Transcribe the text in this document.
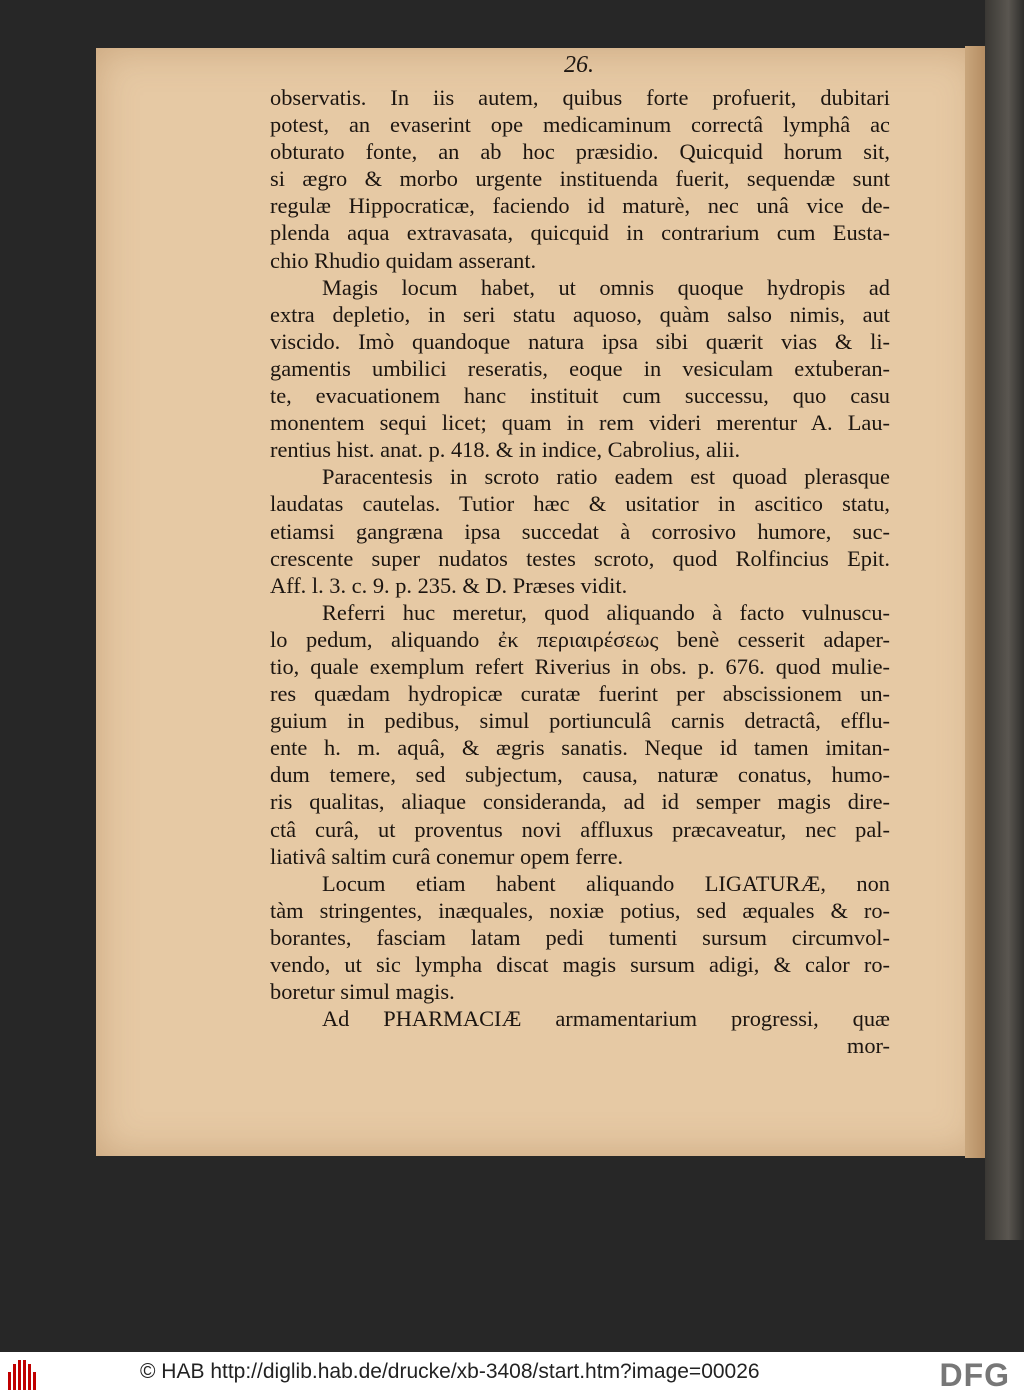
26.
observatis. In iis autem, quibus forte profuerit, dubitari
potest, an evaserint ope medicaminum correctâ lymphâ ac
obturato fonte, an ab hoc præsidio. Quicquid horum sit,
si ægro & morbo urgente instituenda fuerit, sequendæ sunt
regulæ Hippocraticæ, faciendo id maturè, nec unâ vice de-
plenda aqua extravasata, quicquid in contrarium cum Eusta-
chio Rhudio quidam asserant.
Magis locum habet, ut omnis quoque hydropis ad
extra depletio, in seri statu aquoso, quàm salso nimis, aut
viscido. Imò quandoque natura ipsa sibi quærit vias & li-
gamentis umbilici reseratis, eoque in vesiculam extuberan-
te, evacuationem hanc instituit cum successu, quo casu
monentem sequi licet; quam in rem videri merentur A. Lau-
rentius hist. anat. p. 418. & in indice, Cabrolius, alii.
Paracentesis in scroto ratio eadem est quoad plerasque
laudatas cautelas. Tutior hæc & usitatior in ascitico statu,
etiamsi gangræna ipsa succedat à corrosivo humore, suc-
crescente super nudatos testes scroto, quod Rolfincius Epit.
Aff. l. 3. c. 9. p. 235. & D. Præses vidit.
Referri huc meretur, quod aliquando à facto vulnuscu-
lo pedum, aliquando ἐκ περιαιρέσεως benè cesserit adaper-
tio, quale exemplum refert Riverius in obs. p. 676. quod mulie-
res quædam hydropicæ curatæ fuerint per abscissionem un-
guium in pedibus, simul portiunculâ carnis detractâ, efflu-
ente h. m. aquâ, & ægris sanatis. Neque id tamen imitan-
dum temere, sed subjectum, causa, naturæ conatus, humo-
ris qualitas, aliaque consideranda, ad id semper magis dire-
ctâ curâ, ut proventus novi affluxus præcaveatur, nec pal-
liativâ saltim curâ conemur opem ferre.
Locum etiam habent aliquando LIGATURÆ, non
tàm stringentes, inæquales, noxiæ potius, sed æquales & ro-
borantes, fasciam latam pedi tumenti sursum circumvol-
vendo, ut sic lympha discat magis sursum adigi, & calor ro-
boretur simul magis.
Ad PHARMACIÆ armamentarium progressi, quæ
mor-
© HAB http://diglib.hab.de/drucke/xb-3408/start.htm?image=00026	DFG
